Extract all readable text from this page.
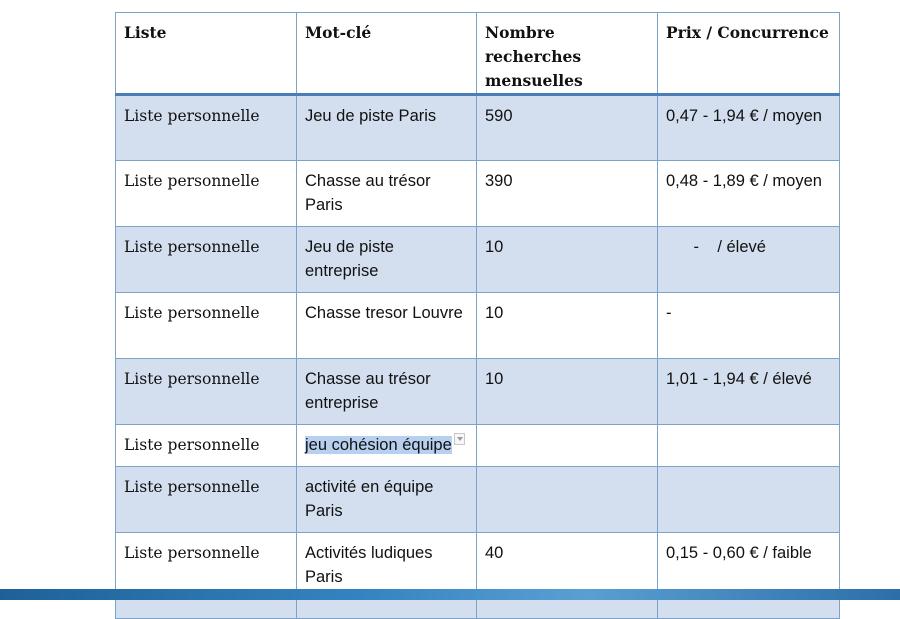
Liste	Mot-clé	Nombre recherches mensuelles	Prix / Concurrence
Liste personnelle	Jeu de piste Paris	590	0,47 - 1,94 € / moyen
Liste personnelle	Chasse au trésor Paris	390	0,48 - 1,89 € / moyen
Liste personnelle	Jeu de piste entreprise	10	-    / élevé
Liste personnelle	Chasse tresor Louvre	10	-
Liste personnelle	Chasse au trésor entreprise	10	1,01 - 1,94 € / élevé
Liste personnelle	jeu cohésion équipe

Liste personnelle	activité en équipe Paris		
Liste personnelle	Activités ludiques Paris	40	0,15 - 0,60 € / faible
